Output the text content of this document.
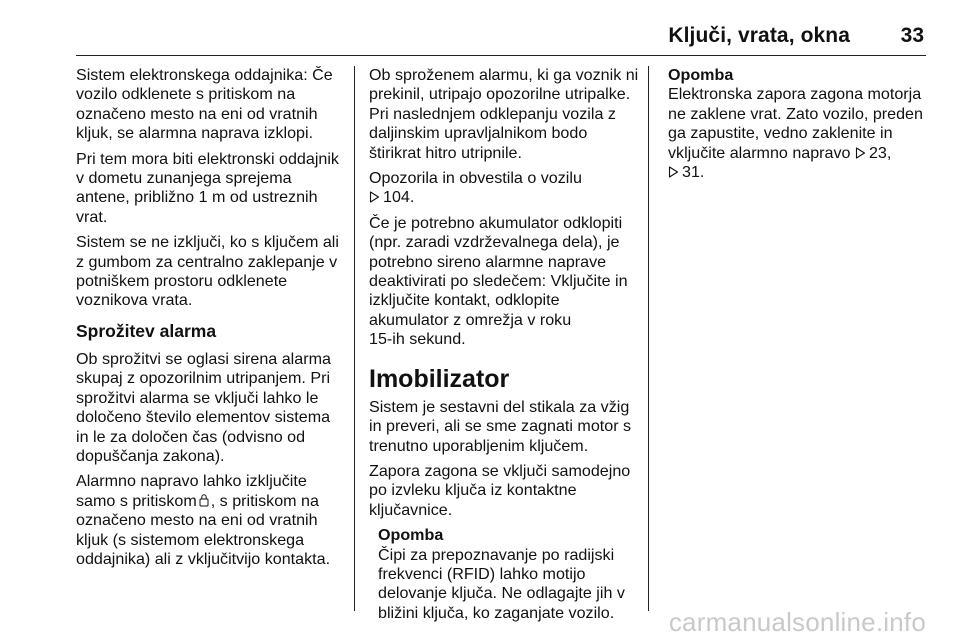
Ključi, vrata, okna 33

Sistem elektronskega oddajnika: Če
vozilo odklenete s pritiskom na
označeno mesto na eni od vratnih
kljuk, se alarmna naprava izklopi.

Pri tem mora biti elektronski oddajnik
v dometu zunanjega sprejema
antene, približno 1 m od ustreznih
vrat.

Sistem se ne izključi, ko s ključem ali
z gumbom za centralno zaklepanje v
potniškem prostoru odklenete
voznikova vrata.

Sprožitev alarma

Ob sprožitvi se oglasi sirena alarma
skupaj z opozorilnim utripanjem. Pri
sprožitvi alarma se vključi lahko le
določeno število elementov sistema
in le za določen čas (odvisno od
dopuščanja zakona).

Alarmno napravo lahko izključite
samo s pritiskom , s pritiskom na
označeno mesto na eni od vratnih
kljuk (s sistemom elektronskega
oddajnika) ali z vključitvijo kontakta.

Ob sproženem alarmu, ki ga voznik ni
prekinil, utripajo opozorilne utripalke.
Pri naslednjem odklepanju vozila z
daljinskim upravljalnikom bodo
štirikrat hitro utripnile.

Opozorila in obvestila o vozilu
104.

Če je potrebno akumulator odklopiti
(npr. zaradi vzdrževalnega dela), je
potrebno sireno alarmne naprave
deaktivirati po sledečem: Vključite in
izključite kontakt, odklopite
akumulator z omrežja v roku
15-ih sekund.

Imobilizator

Sistem je sestavni del stikala za vžig
in preveri, ali se sme zagnati motor s
trenutno uporabljenim ključem.

Zapora zagona se vključi samodejno
po izvleku ključa iz kontaktne
ključavnice.

Opomba
Čipi za prepoznavanje po radijski
frekvenci (RFID) lahko motijo
delovanje ključa. Ne odlagajte jih v
bližini ključa, ko zaganjate vozilo.
Opomba
Elektronska zapora zagona motorja
ne zaklene vrat. Zato vozilo, preden
ga zapustite, vedno zaklenite in
vključite alarmno napravo 23,
31.
carmanualsonline.info
